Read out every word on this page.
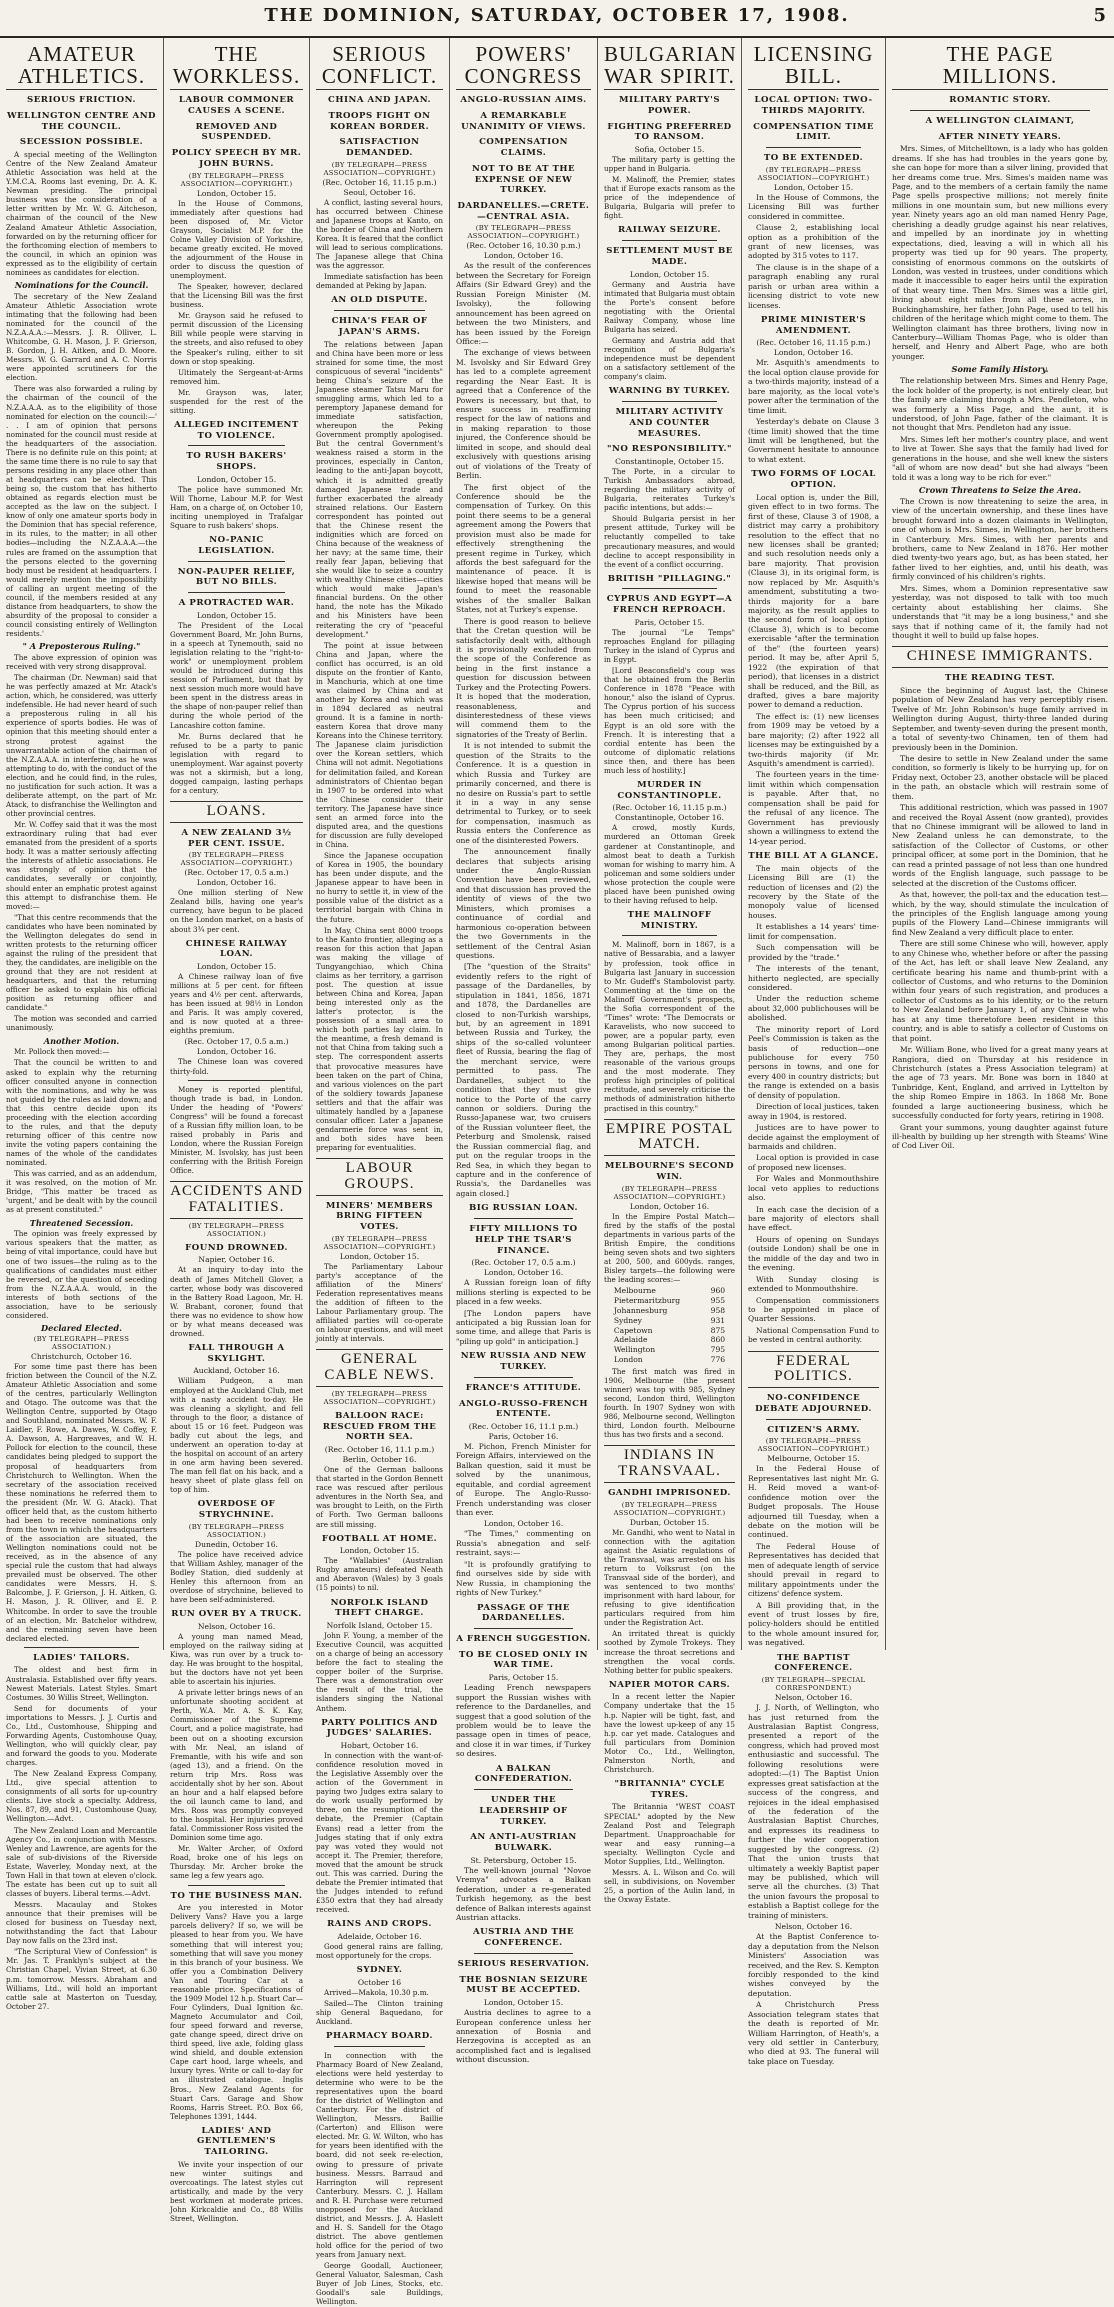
THE DOMINION, SATURDAY, OCTOBER 17, 1908.	5
AMATEUR ATHLETICS.
SERIOUS FRICTION.
WELLINGTON CENTRE AND THE COUNCIL.
SECESSION POSSIBLE.

A special meeting of the Wellington Centre of the New Zealand Amateur Athletic Association was held at the Y.M.C.A. Rooms last evening, Dr. A. K. Newman presiding. The principal business was the consideration of a letter written by Mr. W. G. Aitcheson, chairman of the council of the New Zealand Amateur Athletic Association, forwarded on by the returning officer for the forthcoming election of members to the council, in which an opinion was expressed as to the eligibility of certain nominees as candidates for election.

Nominations for the Council.

The secretary of the New Zealand Amateur Athletic Association wrote intimating that the following had been nominated for the council of the N.Z.A.A.A.:—Messrs. J. R. Olliver, L. Whitcombe, G. H. Mason, J. F. Grierson, B. Gordon, J. H. Aitken, and D. Moore. Messrs. W. G. Garrard and A. C. Norris were appointed scrutineers for the election.

There was also forwarded a ruling by the chairman of the council of the N.Z.A.A.A. as to the eligibility of those nominated for election on the council:—' . . I am of opinion that persons nominated for the council must reside at the headquarters of the association. There is no definite rule on this point; at the same time there is no rule to say that persons residing in any place other than at headquarters can be elected. This being so, the custom that has hitherto obtained as regards election must be accepted as the law on the subject. I know of only one amateur sports body in the Dominion that has special reference, in its rules, to the matter; in all other bodies—including the N.Z.A.A.A.—the rules are framed on the assumption that the persons elected to the governing body must be resident at headquarters. I would merely mention the impossibility of calling an urgent meeting of the council, if the members resided at any distance from headquarters, to show the absurdity of the proposal to consider a council consisting entirely of Wellington residents.'

" A Preposterous Ruling."

The above expression of opinion was received with very strong disapproval.

The chairman (Dr. Newman) said that he was perfectly amazed at Mr. Atack's action, which, he considered, was utterly indefensible. He had never heard of such a preposterous ruling in all his experience of sports bodies. He was of opinion that this meeting should enter a strong protest against the unwarrantable action of the chairman of the N.Z.A.A.A. in interfering, as he was attempting to do, with the conduct of the election, and he could find, in the rules, no justification for such action. It was a deliberate attempt, on the part of Mr. Atack, to disfranchise the Wellington and other provincial centres.

Mr. W. Coffey said that it was the most extraordinary ruling that had ever emanated from the president of a sports body. It was a matter seriously affecting the interests of athletic associations. He was strongly of opinion that the candidates, severally or conjointly, should enter an emphatic protest against this attempt to disfranchise them. He moved:—

"That this centre recommends that the candidates who have been nominated by the Wellington delegates do send in written protests to the returning officer against the ruling of the president that they, the candidates, are ineligible on the ground that they are not resident at headquarters, and that the returning officer be asked to explain his official position as returning officer and candidate."

The motion was seconded and carried unanimously.

Another Motion.

Mr. Pollock then moved:—

That the council be written to and asked to explain why the returning officer consulted anyone in connection with the nominations, and why he was not guided by the rules as laid down; and that this centre decide upon its proceeding with the election according to the rules, and that the deputy returning officer of this centre now invite the voting papers containing the names of the whole of the candidates nominated.

This was carried, and as an addendum, it was resolved, on the motion of Mr. Bridge, "This matter be traced as 'urgent,' and be dealt with by the council as at present constituted."

Threatened Secession.

The opinion was freely expressed by various speakers that the matter, as being of vital importance, could have but one of two issues—the ruling as to the qualifications of candidates must either be reversed, or the question of seceding from the N.Z.A.A.A. would, in the interests of both sections of the association, have to be seriously considered.

Declared Elected.
(BY TELEGRAPH—PRESS ASSOCIATION.)
Christchurch, October 16.

For some time past there has been friction between the Council of the N.Z. Amateur Athletic Association and some of the centres, particularly Wellington and Otago. The outcome was that the Wellington Centre, supported by Otago and Southland, nominated Messrs. W. F. Laidler, F. Rowe, A. Dawes, W. Coffey, F. A. Dawson, A. Hargreaves, and W. H. Pollock for election to the council, these candidates being pledged to support the proposal of headquarters from Christchurch to Wellington. When the secretary of the association received these nominations he referred them to the president (Mr. W. G. Atack). That officer held that, as the custom hitherto had been to receive nominations only from the town in which the headquarters of the association are situated, the Wellington nominations could not be received, as in the absence of any special rule the custom that had always prevailed must be observed. The other candidates were Messrs. H. S. Balcombe, J. F. Grierson, J. H. Aitken, G. H. Mason, J. R. Olliver, and E. P. Whitcombe. In order to save the trouble of an election, Mr. Batchelor withdrew, and the remaining seven have been declared elected.

LADIES' TAILORS.

The oldest and best firm in Australasia. Established over fifty years. Newest Materials. Latest Styles. Smart Costumes. 30 Willis Street, Wellington.

Send for documents of your importations to Messrs. J. J. Curtis and Co., Ltd., Customhouse, Shipping and Forwarding Agents, Customhouse Quay, Wellington, who will quickly clear, pay and forward the goods to you. Moderate charges.

The New Zealand Express Company, Ltd., give special attention to consignments of all sorts for up-country clients. Live stock a specialty. Address, Nos. 87, 89, and 91, Customhouse Quay, Wellington.—Advt.

The New Zealand Loan and Mercantile Agency Co., in conjunction with Messrs. Wenley and Lawrence, are agents for the sale of sub-divisions of the Riverside Estate, Waverley, Monday next, at the Town Hall in that town at eleven o'clock. The estate has been cut up to suit all classes of buyers. Liberal terms.—Advt.

Messrs. Macaulay and Stokes announce that their premises will be closed for business on Tuesday next, notwithstanding the fact that Labour Day now falls on the 23rd inst.

"The Scriptural View of Confession" is Mr. Jas. T. Franklyn's subject at the Christian Chapel, Vivian Street, at 6.30 p.m. tomorrow. Messrs. Abraham and Williams, Ltd., will hold an important cattle sale at Masterton on Tuesday, October 27.

THE WORKLESS.
LABOUR COMMONER CAUSES A SCENE.
REMOVED AND SUSPENDED.
POLICY SPEECH BY MR. JOHN BURNS.
(BY TELEGRAPH—PRESS ASSOCIATION—COPYRIGHT.)
London, October 15.

In the House of Commons, immediately after questions had been disposed of, Mr. Victor Grayson, Socialist M.P. for the Colne Valley Division of Yorkshire, became greatly excited. He moved the adjournment of the House in order to discuss the question of unemployment.

The Speaker, however, declared that the Licensing Bill was the first business.

Mr. Grayson said he refused to permit discussion of the Licensing Bill while people were starving in the streets, and also refused to obey the Speaker's ruling, either to sit down or stop speaking.

Ultimately the Sergeant-at-Arms removed him.

Mr. Grayson was, later, suspended for the rest of the sitting.

ALLEGED INCITEMENT TO VIOLENCE.
TO RUSH BAKERS' SHOPS.
London, October 15.

The police have summoned Mr. Will Thorne, Labour M.P. for West Ham, on a charge of, on October 10, inciting unemployed in Trafalgar Square to rush bakers' shops.

NO-PANIC LEGISLATION.
NON-PAUPER RELIEF, BUT NO BILLS.
A PROTRACTED WAR.
London, October 15.

The President of the Local Government Board, Mr. John Burns, in a speech at Tynemouth, said no legislation relating to the "right-to-work" or unemployment problem would be introduced during this session of Parliament, but that by next session much more would have been spent in the distress areas in the shape of non-pauper relief than during the whole period of the Lancashire cotton famine.

Mr. Burns declared that he refused to be a party to panic legislation with regard to unemployment. War against poverty was not a skirmish, but a long, dogged campaign, lasting perhaps for a century.

LOANS.
A NEW ZEALAND 3½ PER CENT. ISSUE.
(BY TELEGRAPH—PRESS ASSOCIATION—COPYRIGHT.)
(Rec. October 17, 0.5 a.m.)
London, October 16.

One million sterling of New Zealand bills, having one year's currency, have begun to be placed on the London market, on a basis of about 3¾ per cent.

CHINESE RAILWAY LOAN.
London, October 15.

A Chinese railway loan of five millions at 5 per cent. for fifteen years and 4½ per cent. afterwards, has been issued at 98½ in London and Paris. It was amply covered, and is now quoted at a three-eighths premium.

(Rec. October 17, 0.5 a.m.)
London, October 16.

The Chinese loan was covered thirty-fold.

Money is reported plentiful, though trade is bad, in London. Under the heading of "Powers' Congress" will be found a forecast of a Russian fifty million loan, to be raised probably in Paris and London, where the Russian Foreign Minister, M. Isvolsky, has just been conferring with the British Foreign Office.

ACCIDENTS AND FATALITIES.
(BY TELEGRAPH—PRESS ASSOCIATION.)
FOUND DROWNED.
Napier, October 16.

At an inquiry to-day into the death of James Mitchell Glover, a carter, whose body was discovered in the Battery Road Lagoon, Mr. H. W. Brabant, coroner, found that there was no evidence to show how or by what means deceased was drowned.

FALL THROUGH A SKYLIGHT.
Auckland, October 16.

William Pudgeon, a man employed at the Auckland Club, met with a nasty accident to-day. He was cleaning a skylight, and fell through to the floor, a distance of about 15 or 16 feet. Pudgeon was badly cut about the legs, and underwent an operation to-day at the hospital on account of an artery in one arm having been severed. The man fell flat on his back, and a heavy sheet of plate glass fell on top of him.

OVERDOSE OF STRYCHNINE.
(BY TELEGRAPH—PRESS ASSOCIATION.)
Dunedin, October 16.

The police have received advice that William Ashley, manager of the Bodley Station, died suddenly at Henley this afternoon from an overdose of strychnine, believed to have been self-administered.

RUN OVER BY A TRUCK.
Nelson, October 16.

A young man named Mead, employed on the railway siding at Kiwa, was run over by a truck to-day. He was brought to the hospital, but the doctors have not yet been able to ascertain his injuries.

A private letter brings news of an unfortunate shooting accident at Perth, W.A. Mr. A. S. K. Kay, Commissioner of the Supreme Court, and a police magistrate, had been out on a shooting excursion with Mr. Neal, an island of Fremantle, with his wife and son (aged 13), and a friend. On the return trip Mrs. Ross was accidentally shot by her son. About an hour and a half elapsed before the oil launch came to land, and Mrs. Ross was promptly conveyed to the hospital. Her injuries proved fatal. Commissioner Ross visited the Dominion some time ago.

Mr. Walter Archer, of Oxford Road, broke one of his legs on Thursday. Mr. Archer broke the same leg a few years ago.

TO THE BUSINESS MAN.

Are you interested in Motor Delivery Vans? Have you a large parcels delivery? If so, we will be pleased to hear from you. We have something that will interest you; something that will save you money in this branch of your business. We offer you a Combination Delivery Van and Touring Car at a reasonable price. Specifications of the 1909 Model 12 h.p. Stuart Car—Four Cylinders, Dual Ignition &c. Magneto Accumulator and Coil, four speed forward and reverse, gate change speed, direct drive on third speed, live axle, folding glass wind shield, and double extension Cape cart hood, large wheels, and luxury tyres. Write or call to-day for an illustrated catalogue. Inglis Bros., New Zealand Agents for Stuart Cars. Garage and Show Rooms, Harris Street. P.O. Box 66, Telephones 1391, 1444.

LADIES' AND GENTLEMEN'S TAILORING.

We invite your inspection of our new winter suitings and overcoatings. The latest styles cut artistically, and made by the very best workmen at moderate prices. John Kirkcaldie and Co., 88 Willis Street, Wellington.

SERIOUS CONFLICT.
CHINA AND JAPAN.
TROOPS FIGHT ON KOREAN BORDER.
SATISFACTION DEMANDED.
(BY TELEGRAPH—PRESS ASSOCIATION—COPYRIGHT.)
(Rec. October 16, 11.15 p.m.)
Seoul, October 16.

A conflict, lasting several hours, has occurred between Chinese and Japanese troops at Kanto, on the border of China and Northern Korea. It is feared that the conflict will lead to serious complications. The Japanese allege that China was the aggressor.

Immediate satisfaction has been demanded at Peking by Japan.

AN OLD DISPUTE.
CHINA'S FEAR OF JAPAN'S ARMS.

The relations between Japan and China have been more or less strained for some time, the most conspicuous of several "incidents" being China's seizure of the Japanese steamer Tatsu Maru for smuggling arms, which led to a peremptory Japanese demand for immediate satisfaction, whereupon the Peking Government promptly apologised. But the central Government's weakness raised a storm in the provinces, especially in Canton, leading to the anti-Japan boycott, which it is admitted greatly damaged Japanese trade and further exacerbated the already strained relations. Our Eastern correspondent has pointed out that the Chinese resent the indignities which are forced on China because of the weakness of her navy; at the same time, their really fear Japan, believing that she would like to seize a country with wealthy Chinese cities—cities which would make Japan's financial burdens. On the other hand, the note has the Mikado and his Ministers have been reiterating the cry of "peaceful development."

The point at issue between China and Japan, where the conflict has occurred, is an old dispute on the frontier of Kanto, in Manchuria, which at one time was claimed by China and at another by Korea and which was in 1894 declared as neutral ground. It is a famine in north-eastern Korea that drove many Koreans into the Chinese territory. The Japanese claim jurisdiction over the Korean settlers, which China will not admit. Negotiations for delimitation failed, and Korean administrators of Chientao began in 1907 to be ordered into what the Chinese consider their territory. The Japanese have since sent an armed force into the disputed area, and the questions for discussion are fully developed in China.

Since the Japanese occupation of Korea in 1905, the boundary has been under dispute, and the Japanese appear to have been in no hurry to settle it, in view of the possible value of the district as a territorial bargain with China in the future.

In May, China sent 8000 troops to the Kanto frontier, alleging as a reason for this action that Japan was making the village of Tungyangchiao, which China claims as her territory, a garrison post. The question at issue between China and Korea, Japan being interested only as the latter's protector, is the possession of a small area to which both parties lay claim. In the meantime, a fresh demand is not that China from taking such a step. The correspondent asserts that provocative measures have been taken on the part of China, and various violences on the part of the soldiery towards Japanese settlers and that the affair was ultimately handled by a Japanese consular officer. Later a Japanese gendarmerie force was sent in, and both sides have been preparing for eventualities.

LABOUR GROUPS.
MINERS' MEMBERS BRING FIFTEEN VOTES.
(BY TELEGRAPH—PRESS ASSOCIATION—COPYRIGHT.)
London, October 15.

The Parliamentary Labour party's acceptance of the affiliation of the Miners' Federation representatives means the addition of fifteen to the Labour Parliamentary group. The affiliated parties will co-operate on labour questions, and will meet jointly at intervals.

GENERAL CABLE NEWS.
(BY TELEGRAPH—PRESS ASSOCIATION—COPYRIGHT.)
BALLOON RACE: RESCUED FROM THE NORTH SEA.
(Rec. October 16, 11.1 p.m.)
Berlin, October 16.

One of the German balloons that started in the Gordon Bennett race was rescued after perilous adventures in the North Sea, and was brought to Leith, on the Firth of Forth. Two German balloons are still missing.

FOOTBALL AT HOME.
London, October 15.

The "Wallabies" (Australian Rugby amateurs) defeated Neath and Aberavon (Wales) by 3 goals (15 points) to nil.

NORFOLK ISLAND THEFT CHARGE.
Norfolk Island, October 15.

John F. Young, a member of the Executive Council, was acquitted on a charge of being an accessory before the fact to stealing the copper boiler of the Surprise. There was a demonstration over the result of the trial, the islanders singing the National Anthem.

PARTY POLITICS AND JUDGES' SALARIES.
Hobart, October 16.

In connection with the want-of-confidence resolution moved in the Legislative Assembly over the action of the Government in paying two Judges extra salary to do work usually performed by three, on the resumption of the debate, the Premier (Captain Evans) read a letter from the Judges stating that if only extra pay was voted they would not accept it. The Premier, therefore, moved that the amount be struck out. This was carried. During the debate the Premier intimated that the Judges intended to refund £350 extra that they had already received.

RAINS AND CROPS.
Adelaide, October 16.

Good general rains are falling, most opportunely for the crops.

SYDNEY.
October 16

Arrived—Makola, 10.30 p.m.

Sailed—The Clinton training ship General Baquedano, for Auckland.

PHARMACY BOARD.

In connection with the Pharmacy Board of New Zealand, elections were held yesterday to determine who were to be the representatives upon the board for the district of Wellington and Canterbury. For the district of Wellington, Messrs. Baillie (Carterton) and Ellison were elected. Mr. G. W. Wilton, who has for years been identified with the board, did not seek re-election, owing to pressure of private business. Messrs. Barraud and Harrington will represent Canterbury. Messrs. C. J. Hallam and R. H. Purchase were returned unopposed for the Auckland district, and Messrs. J. A. Haslett and H. S. Sandell for the Otago district. The above gentlemen hold office for the period of two years from January next.

George Goodall, Auctioneer, General Valuator, Salesman, Cash Buyer of Job Lines, Stocks, etc. Goodall's sale Buildings, Wellington.

POWERS' CONGRESS
ANGLO-RUSSIAN AIMS.
A REMARKABLE UNANIMITY OF VIEWS.
COMPENSATION CLAIMS.
NOT TO BE AT THE EXPENSE OF NEW TURKEY.
DARDANELLES.—CRETE.—CENTRAL ASIA.
(BY TELEGRAPH—PRESS ASSOCIATION—COPYRIGHT.)
(Rec. October 16, 10.30 p.m.)
London, October 16.

As the result of the conferences between the Secretary for Foreign Affairs (Sir Edward Grey) and the Russian Foreign Minister (M. Isvolsky), the following announcement has been agreed on between the two Ministers, and has been issued by the Foreign Office:—

The exchange of views between M. Isvolsky and Sir Edward Grey has led to a complete agreement regarding the Near East. It is agreed that a Conference of the Powers is necessary, but that, to ensure success in reaffirming respect for the law of nations and in making reparation to those injured, the Conference should be limited in scope, and should deal exclusively with questions arising out of violations of the Treaty of Berlin.

The first object of the Conference should be the compensation of Turkey. On this point there seems to be a general agreement among the Powers that provision must also be made for effectively strengthening the present regime in Turkey, which affords the best safeguard for the maintenance of peace. It is likewise hoped that means will be found to meet the reasonable wishes of the smaller Balkan States, not at Turkey's expense.

There is good reason to believe that the Cretan question will be satisfactorily dealt with, although it is provisionally excluded from the scope of the Conference as being in the first instance a question for discussion between Turkey and the Protecting Powers. It is hoped that the moderation, reasonableness, and disinterestedness of these views will commend them to the signatories of the Treaty of Berlin.

It is not intended to submit the question of the Straits to the Conference. It is a question in which Russia and Turkey are primarily concerned, and there is no desire on Russia's part to settle it in a way in any sense detrimental to Turkey, or to seek for compensation, inasmuch as Russia enters the Conference as one of the disinterested Powers.

The announcement finally declares that subjects arising under the Anglo-Russian Convention have been reviewed, and that discussion has proved the identity of views of the two Ministers, which promises a continuance of cordial and harmonious co-operation between the two Governments in the settlement of the Central Asian questions.

[The "question of the Straits" evidently refers to the right of passage of the Dardanelles, by stipulation in 1841, 1856, 1871 and 1878, the Dardanelles are closed to non-Turkish warships, but, by an agreement in 1891 between Russia and Turkey, the ships of the so-called volunteer fleet of Russia, bearing the flag of the merchant service, were permitted to pass. The Dardanelles, subject to the condition that they must give notice to the Porte of the carry cannon or soldiers. During the Russo-Japanese war, two cruisers of the Russian volunteer fleet, the Peterburg and Smolensk, raised the Russian commercial flag, and put on the regular troops in the Red Sea, in which they began to capture and in the conference of Russia's, the Dardanelles was again closed.]

BIG RUSSIAN LOAN.
FIFTY MILLIONS TO HELP THE TSAR'S FINANCE.
(Rec. October 17, 0.5 a.m.)
London, October 16.

A Russian foreign loan of fifty millions sterling is expected to be placed in a few weeks.

[The London papers have anticipated a big Russian loan for some time, and allege that Paris is "piling up gold" in anticipation.]

NEW RUSSIA AND NEW TURKEY.
FRANCE'S ATTITUDE.
ANGLO-RUSSO-FRENCH ENTENTE.
(Rec. October 16, 11.1 p.m.)
Paris, October 16.

M. Pichon, French Minister for Foreign Affairs, interviewed on the Balkan question, said it must be solved by the unanimous, equitable, and cordial agreement of Europe. The Anglo-Russo-French understanding was closer than ever.

London, October 16.

"The Times," commenting on Russia's abnegation and self-restraint, says:—

"It is profoundly gratifying to find ourselves side by side with New Russia, in championing the rights of New Turkey."

PASSAGE OF THE DARDANELLES.
A FRENCH SUGGESTION.
TO BE CLOSED ONLY IN WAR TIME.
Paris, October 15.

Leading French newspapers support the Russian wishes with reference to the Dardanelles, and suggest that a good solution of the problem would be to leave the passage open in times of peace, and close it in war times, if Turkey so desires.

A BALKAN CONFEDERATION.
UNDER THE LEADERSHIP OF TURKEY.
AN ANTI-AUSTRIAN BULWARK.
St. Petersburg, October 15.

The well-known journal "Novoe Vremya" advocates a Balkan federation, under a re-generated Turkish hegemony, as the best defence of Balkan interests against Austrian attacks.

AUSTRIA AND THE CONFERENCE.
SERIOUS RESERVATION.
THE BOSNIAN SEIZURE MUST BE ACCEPTED.
London, October 15.

Austria declines to agree to a European conference unless her annexation of Bosnia and Herzegovina is accepted as an accomplished fact and is legalised without discussion.

BULGARIAN WAR SPIRIT.
MILITARY PARTY'S POWER.
FIGHTING PREFERRED TO RANSOM.
Sofia, October 15.

The military party is getting the upper hand in Bulgaria.

M. Malinoff, the Premier, states that if Europe exacts ransom as the price of the independence of Bulgaria, Bulgaria will prefer to fight.

RAILWAY SEIZURE.
SETTLEMENT MUST BE MADE.
London, October 15.

Germany and Austria have intimated that Bulgaria must obtain the Porte's consent before negotiating with the Oriental Railway Company, whose line Bulgaria has seized.

Germany and Austria add that recognition of Bulgaria's independence must be dependent on a satisfactory settlement of the company's claim.

WARNING BY TURKEY.
MILITARY ACTIVITY AND COUNTER MEASURES.
"NO RESPONSIBILITY."
Constantinople, October 15.

The Porte, in a circular to Turkish Ambassadors abroad, regarding the military activity of Bulgaria, reiterates Turkey's pacific intentions, but adds:—

Should Bulgaria persist in her present attitude, Turkey will be reluctantly compelled to take precautionary measures, and would decline to accept responsibility in the event of a conflict occurring.

BRITISH "PILLAGING."
CYPRUS AND EGYPT—A FRENCH REPROACH.
Paris, October 15.

The journal "Le Temps" reproaches England for pillaging Turkey in the island of Cyprus and in Egypt.

[Lord Beaconsfield's coup was that he obtained from the Berlin Conference in 1878 "Peace with honour," also the island of Cyprus. The Cyprus portion of his success has been much criticised; and Egypt is an old sore with the French. It is interesting that a cordial entente has been the outcome of diplomatic relations since then, and there has been much less of hostility.]

MURDER IN CONSTANTINOPLE.
(Rec. October 16, 11.15 p.m.)
Constantinople, October 16.

A crowd, mostly Kurds, murdered an Ottoman Greek gardener at Constantinople, and almost beat to death a Turkish woman for wishing to marry him. A policeman and some soldiers under whose protection the couple were placed have been punished owing to their having refused to help.

THE MALINOFF MINISTRY.

M. Malinoff, born in 1867, is a native of Bessarabia, and a lawyer by profession, took office in Bulgaria last January in succession to Mr. Gudeff's Stambolovist party. Commenting at the time on the Malinoff Government's prospects, the Sofia correspondent of the "Times" wrote: "The Democrats or Karavelists, who now succeed to power, are a popular party, even among Bulgarian political parties. They are, perhaps, the most reasonable of the various groups and the most moderate. They profess high principles of political rectitude, and severely criticise the methods of administration hitherto practised in this country."

EMPIRE POSTAL MATCH.
MELBOURNE'S SECOND WIN.
(BY TELEGRAPH—PRESS ASSOCIATION—COPYRIGHT.)
London, October 16.

In the Empire Postal Match—fired by the staffs of the postal departments in various parts of the British Empire, the conditions being seven shots and two sighters at 200, 500, and 600yds. ranges, Bisley targets—the following were the leading scores:—

Melbourne	960
Pietermaritzburg	955
Johannesburg	958
Sydney	931
Capetown	875
Adelaide	860
Wellington	795
London	776

The first match was fired in 1906, Melbourne (the present winner) was top with 985, Sydney second, London third, Wellington fourth. In 1907 Sydney won with 986, Melbourne second, Wellington third, London fourth. Melbourne thus has two firsts and a second.

INDIANS IN TRANSVAAL.
GANDHI IMPRISONED.
(BY TELEGRAPH—PRESS ASSOCIATION—COPYRIGHT.)
Durban, October 15.

Mr. Gandhi, who went to Natal in connection with the agitation against the Asiatic regulations of the Transvaal, was arrested on his return to Volksrust (on the Transvaal side of the border), and was sentenced to two months' imprisonment with hard labour, for refusing to give identification particulars required from him under the Registration Act.

An irritated threat is quickly soothed by Zymole Trokeys. They increase the throat secretions and strengthen the vocal cords. Nothing better for public speakers.

NAPIER MOTOR CARS.

In a recent letter the Napier Company undertake that the 15 h.p. Napier will be tight, fast, and have the lowest up-keep of any 15 h.p. car yet made. Catalogues and full particulars from Dominion Motor Co., Ltd., Wellington, Palmerston North, and Christchurch.

"BRITANNIA" CYCLE TYRES.

The Britannia "WEST COAST SPECIAL" adopted by the New Zealand Post and Telegraph Department. Unapproachable for wear and easy running—a specialty. Wellington Cycle and Motor Supplies, Ltd., Wellington.

Messrs. A. L. Wilson and Co. will sell, in subdivisions, on November 25, a portion of the Aulin land, in the Oxway Estate.

LICENSING BILL.
LOCAL OPTION: TWO-THIRDS MAJORITY.
COMPENSATION TIME LIMIT.
TO BE EXTENDED.
(BY TELEGRAPH—PRESS ASSOCIATION—COPYRIGHT.)
London, October 15.

In the House of Commons, the Licensing Bill was further considered in committee.

Clause 2, establishing local option as a prohibition of the grant of new licenses, was adopted by 315 votes to 117.

The clause is in the shape of a paragraph enabling any rural parish or urban area within a licensing district to vote new licenses.

PRIME MINISTER'S AMENDMENT.
(Rec. October 16, 11.15 p.m.)
London, October 16.

Mr. Asquith's amendments to the local option clause provide for a two-thirds majority, instead of a bare majority, as the local vote's power after the termination of the time limit.

Yesterday's debate on Clause 3 (time limit) showed that the time limit will be lengthened, but the Government hesitate to announce to what extent.

TWO FORMS OF LOCAL OPTION.

Local option is, under the Bill, given effect to in two forms. The first of these, Clause 3 of 1908, a district may carry a prohibitory resolution to the effect that no new licenses shall be granted; and such resolution needs only a bare majority. That provision (Clause 3), in its original form, is now replaced by Mr. Asquith's amendment, substituting a two-thirds majority for a bare majority, as the result applies to the second form of local option (Clause 3), which is to become exercisable "after the termination of the" (the fourteen years) period. It may be, after April 5, 1922 (the expiration of that period), that licenses in a district shall be reduced, and the Bill, as drafted, gives a bare majority power to demand a reduction.

The effect is: (1) new licenses from 1909 may be vetoed by a bare majority; (2) after 1922 all licenses may be extinguished by a two-thirds majority (if Mr. Asquith's amendment is carried).

The fourteen years in the time-limit within which compensation is payable. After that, no compensation shall be paid for the refusal of any licence. The Government has previously shown a willingness to extend the 14-year period.

THE BILL AT A GLANCE.

The main objects of the Licensing Bill are (1) the reduction of licenses and (2) the recovery by the State of the monopoly value of licensed houses.

It establishes a 14 years' time-limit for compensation.

Such compensation will be provided by the "trade."

The interests of the tenant, hitherto neglected, are specially considered.

Under the reduction scheme about 32,000 publichouses will be abolished.

The minority report of Lord Peel's Commission is taken as the basis of reduction—one publichouse for every 750 persons in towns, and one for every 400 in country districts; but the range is extended on a basis of density of population.

Direction of local justices, taken away in 1904, is restored.

Justices are to have power to decide against the employment of barmaids and children.

Local option is provided in case of proposed new licenses.

For Wales and Monmouthshire local veto applies to reductions also.

In each case the decision of a bare majority of electors shall have effect.

Hours of opening on Sundays (outside London) shall be one in the middle of the day and two in the evening.

With Sunday closing is extended to Monmouthshire.

Compensation commissioners to be appointed in place of Quarter Sessions.

National Compensation Fund to be vested in central authority.

FEDERAL POLITICS.
NO-CONFIDENCE DEBATE ADJOURNED.
CITIZEN'S ARMY.
(BY TELEGRAPH—PRESS ASSOCIATION—COPYRIGHT.)
Melbourne, October 15.

In the Federal House of Representatives last night Mr. G. H. Reid moved a want-of-confidence motion over the Budget proposals. The House adjourned till Tuesday, when a debate on the motion will be continued.

The Federal House of Representatives has decided that men of adequate length of service should prevail in regard to military appointments under the citizens' defence system.

A Bill providing that, in the event of trust losses by fire, policy-holders should be entitled to the whole amount insured for, was negatived.

THE BAPTIST CONFERENCE.
(BY TELEGRAPH—SPECIAL CORRESPONDENT.)
Nelson, October 16.

J. J. North, of Wellington, who has just returned from the Australasian Baptist Congress, presented a report of the congress, which had proved most enthusiastic and successful. The following resolutions were adopted:—(1) The Baptist Union expresses great satisfaction at the success of the congress, and rejoices in the ideal emphasised of the federation of the Australasian Baptist Churches, and expresses its readiness to further the wider cooperation suggested by the congress. (2) That the union trusts that ultimately a weekly Baptist paper may be published, which will serve all the churches. (3) That the union favours the proposal to establish a Baptist college for the training of ministers.

Nelson, October 16.

At the Baptist Conference to-day a deputation from the Nelson Ministers' Association was received, and the Rev. S. Kempton forcibly responded to the kind wishes conveyed by the deputation.

A Christchurch Press Association telegram states that the death is reported of Mr. William Harrington, of Heath's, a very old settler in Canterbury, who died at 93. The funeral will take place on Tuesday.

THE PAGE MILLIONS.
ROMANTIC STORY.
A WELLINGTON CLAIMANT,
AFTER NINETY YEARS.

Mrs. Simes, of Mitchelltown, is a lady who has golden dreams. If she has had troubles in the years gone by, she can hope for more than a silver lining, provided that her dreams come true. Mrs. Simes's maiden name was Page, and to the members of a certain family the name Page spells prospective millions; not merely finite millions in one mountain sum, but new millions every year. Ninety years ago an old man named Henry Page, cherishing a deadly grudge against his near relatives, and impelled by an inordinate joy in whetting expectations, died, leaving a will in which all his property was tied up for 90 years. The property, consisting of enormous commons on the outskirts of London, was vested in trustees, under conditions which made it inaccessible to eager heirs until the expiration of that weary time. Then Mrs. Simes was a little girl, living about eight miles from all these acres, in Buckinghamshire, her father, John Page, used to tell his children of the heritage which might come to them. The Wellington claimant has three brothers, living now in Canterbury—William Thomas Page, who is older than herself, and Henry and Albert Page, who are both younger.

Some Family History.

The relationship between Mrs. Simes and Henry Page, the lock holder of the property, is not entirely clear, but the family are claiming through a Mrs. Pendleton, who was formerly a Miss Page, and the aunt, it is understood, of John Page, father of the claimant. It is not thought that Mrs. Pendleton had any issue.

Mrs. Simes left her mother's country place, and went to live at Tower. She says that the family had lived for generations in the house, and she well knew the sisters "all of whom are now dead" but she had always "been told it was a long way to be rich for ever."

Crown Threatens to Seize the Area.

The Crown is now threatening to seize the area, in view of the uncertain ownership, and these lines have brought forward into a dozen claimants in Wellington, one of whom is Mrs. Simes, in Wellington, her brothers in Canterbury. Mrs. Simes, with her parents and brothers, came to New Zealand in 1876. Her mother died twenty-two years ago, but, as has been stated, her father lived to her eighties, and, until his death, was firmly convinced of his children's rights.

Mrs. Simes, whom a Dominion representative saw yesterday, was not disposed to talk with too much certainty about establishing her claims. She understands that "it may be a long business," and she says that if nothing came of it, the family had not thought it well to build up false hopes.

CHINESE IMMIGRANTS.
THE READING TEST.

Since the beginning of August last, the Chinese population of New Zealand has very perceptibly risen. Twelve of Mr. John Robinson's huge family arrived in Wellington during August, thirty-three landed during September, and twenty-seven during the present month, a total of seventy-two Chinamen, ten of them had previously been in the Dominion.

The desire to settle in New Zealand under the same condition, so formerly is likely to be hurrying up, for on Friday next, October 23, another obstacle will be placed in the path, an obstacle which will restrain some of them.

This additional restriction, which was passed in 1907 and received the Royal Assent (now granted), provides that no Chinese immigrant will be allowed to land in New Zealand unless he can demonstrate, to the satisfaction of the Collector of Customs, or other principal officer, at some port in the Dominion, that he can read a printed passage of not less than one hundred words of the English language, such passage to be selected at the discretion of the Customs officer.

As that, however, the poll-tax and the education test—which, by the way, should stimulate the inculcation of the principles of the English language among young pupils of the Flowery Land—Chinese immigrants will find New Zealand a very difficult place to enter.

There are still some Chinese who will, however, apply to any Chinese who, whether before or after the passing of the Act, has left or shall leave New Zealand, any certificate bearing his name and thumb-print with a collector of Customs, and who returns to the Dominion within four years of such registration, and produces a collector of Customs as to his identity, or to the return to New Zealand before January 1, of any Chinese who has at any time theretofore been resident in this country, and is able to satisfy a collector of Customs on that point.

Mr. William Bone, who lived for a great many years at Rangiora, died on Thursday at his residence in Christchurch (states a Press Association telegram) at the age of 73 years. Mr. Bone was born in 1840 at Tunbridge, Kent, England, and arrived in Lyttelton by the ship Romeo Empire in 1863. In 1868 Mr. Bone founded a large auctioneering business, which he successfully conducted for forty years, retiring in 1908.

Grant your summons, young daughter against future ill-health by building up her strength with Steams' Wine of Cod Liver Oil.
